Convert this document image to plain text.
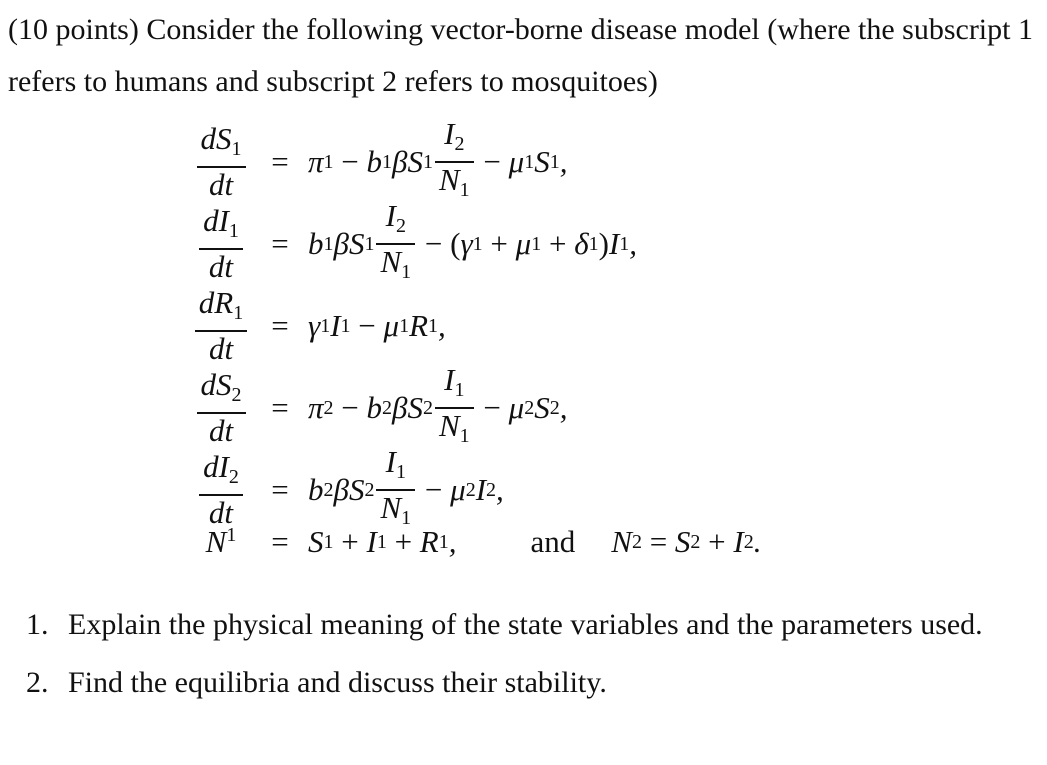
(10 points) Consider the following vector-borne disease model (where the subscript 1 refers to humans and subscript 2 refers to mosquitoes)

$\frac{dS_1}{dt} = \pi$ 1 − b 1 βS $1 \frac{I_2}{N_1} - \mu$ 1 S 1 ,
$\frac{dI_1}{dt} = b$ 1 βS $1 \frac{I_2}{N_1}$ − ( γ 1 + μ 1 + δ 1 ) I 1 ,
$\frac{dR_1}{dt} = \gamma$ 1 I 1 − μ 1 R 1 ,
$\frac{dS_2}{dt} = \pi$ 2 − b 2 βS $2 \frac{I_1}{N_1} - \mu$ 2 S 2 ,
$\frac{dI_2}{dt} = b$ 2 βS $2 \frac{I_1}{N_1} - \mu$ 2 I 2 ,
N 1	= S 1 + I 1 + R 1 , and N 2 = S 2 + I 2 .
1. Explain the physical meaning of the state variables and the parameters used.
2. Find the equilibria and discuss their stability.
